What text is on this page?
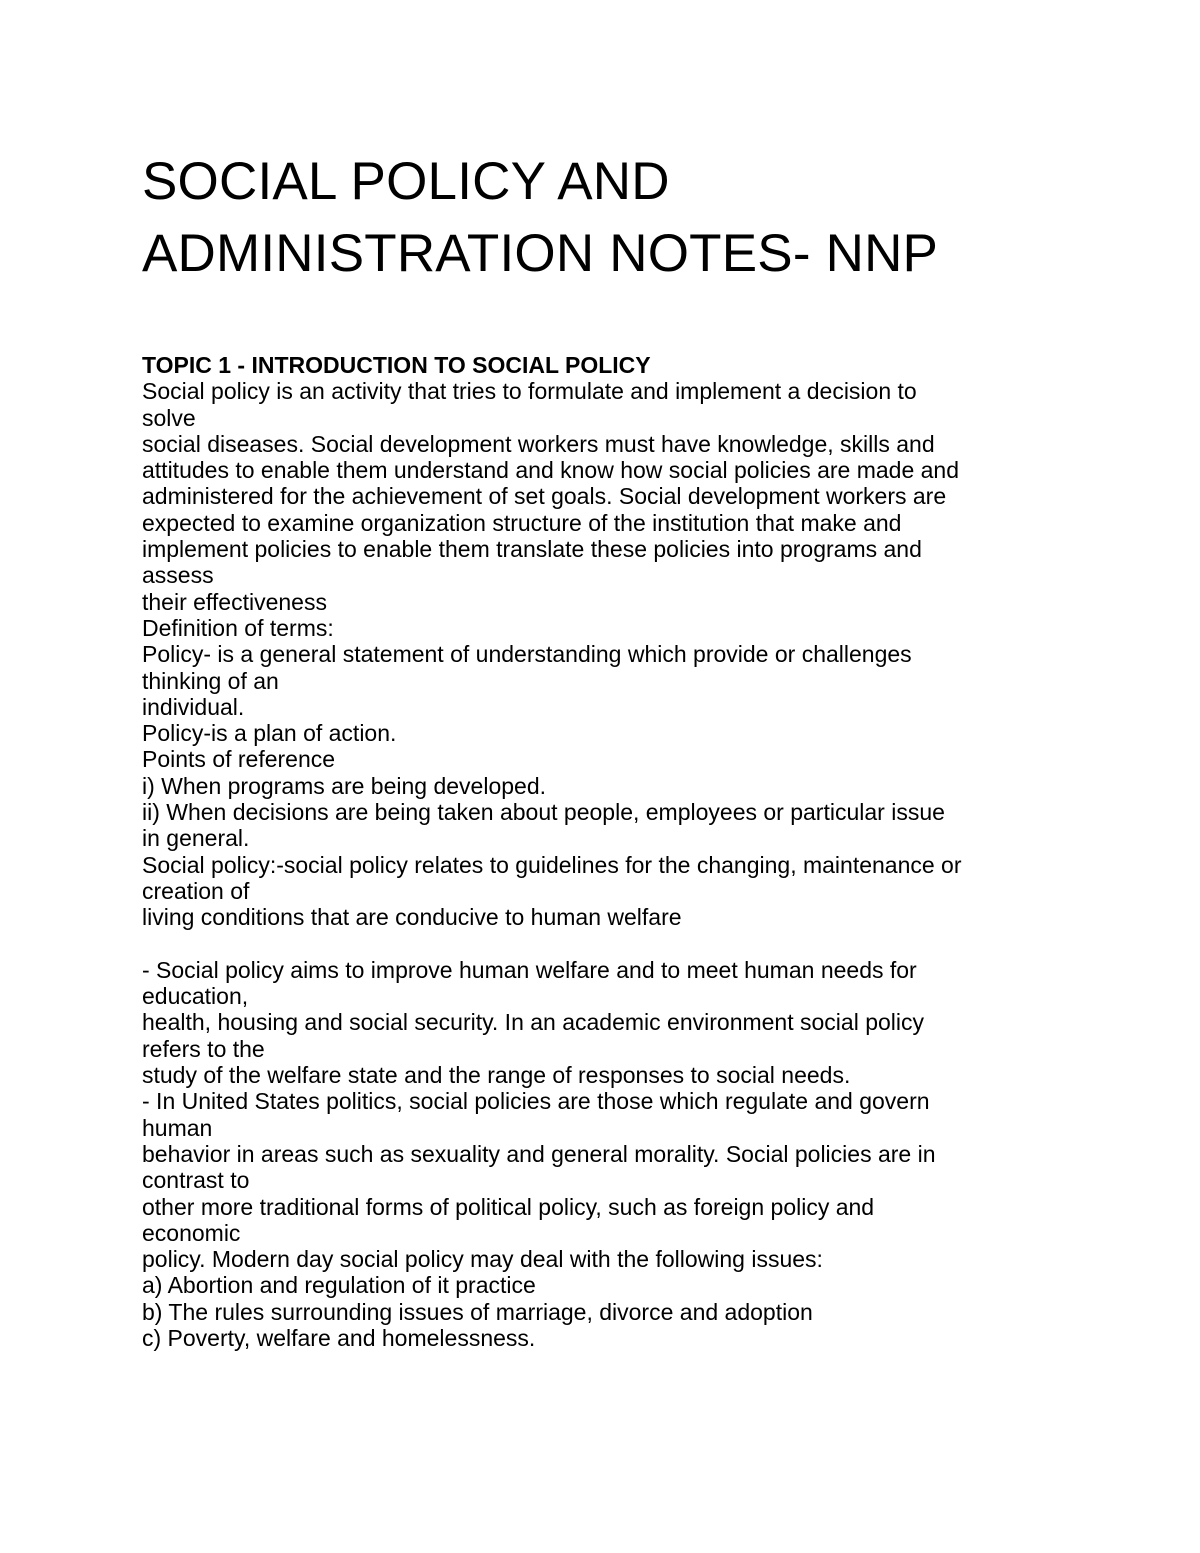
SOCIAL POLICY AND
ADMINISTRATION NOTES- NNP
TOPIC 1 - INTRODUCTION TO SOCIAL POLICY
Social policy is an activity that tries to formulate and implement a decision to
solve
social diseases. Social development workers must have knowledge, skills and
attitudes to enable them understand and know how social policies are made and
administered for the achievement of set goals. Social development workers are
expected to examine organization structure of the institution that make and
implement policies to enable them translate these policies into programs and
assess
their effectiveness
Definition of terms:
Policy- is a general statement of understanding which provide or challenges
thinking of an
individual.
Policy-is a plan of action.
Points of reference
i) When programs are being developed.
ii) When decisions are being taken about people, employees or particular issue
in general.
Social policy:-social policy relates to guidelines for the changing, maintenance or
creation of
living conditions that are conducive to human welfare
- Social policy aims to improve human welfare and to meet human needs for
education,
health, housing and social security. In an academic environment social policy
refers to the
study of the welfare state and the range of responses to social needs.
- In United States politics, social policies are those which regulate and govern
human
behavior in areas such as sexuality and general morality. Social policies are in
contrast to
other more traditional forms of political policy, such as foreign policy and
economic
policy. Modern day social policy may deal with the following issues:
a) Abortion and regulation of it practice
b) The rules surrounding issues of marriage, divorce and adoption
c) Poverty, welfare and homelessness.
